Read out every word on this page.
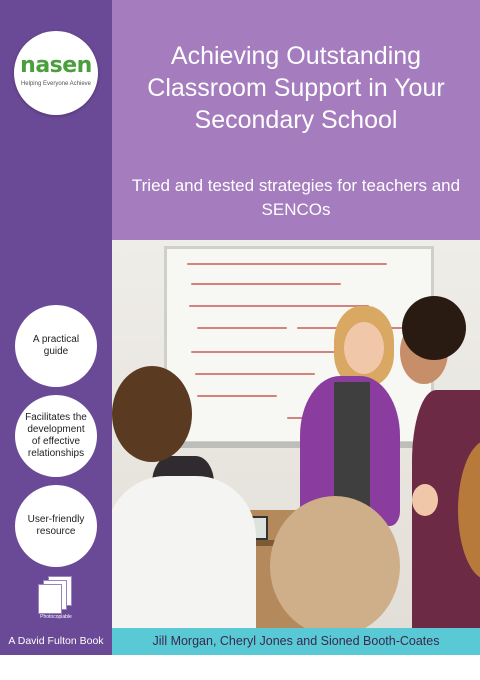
nasen
Helping Everyone Achieve
A practical guide
Facilitates the development of effective relationships
User-friendly resource
Photocopiable
Achieving Outstanding Classroom Support in Your Secondary School
Tried and tested strategies for teachers and SENCOs
A David Fulton Book	Jill Morgan, Cheryl Jones and Sioned Booth-Coates
